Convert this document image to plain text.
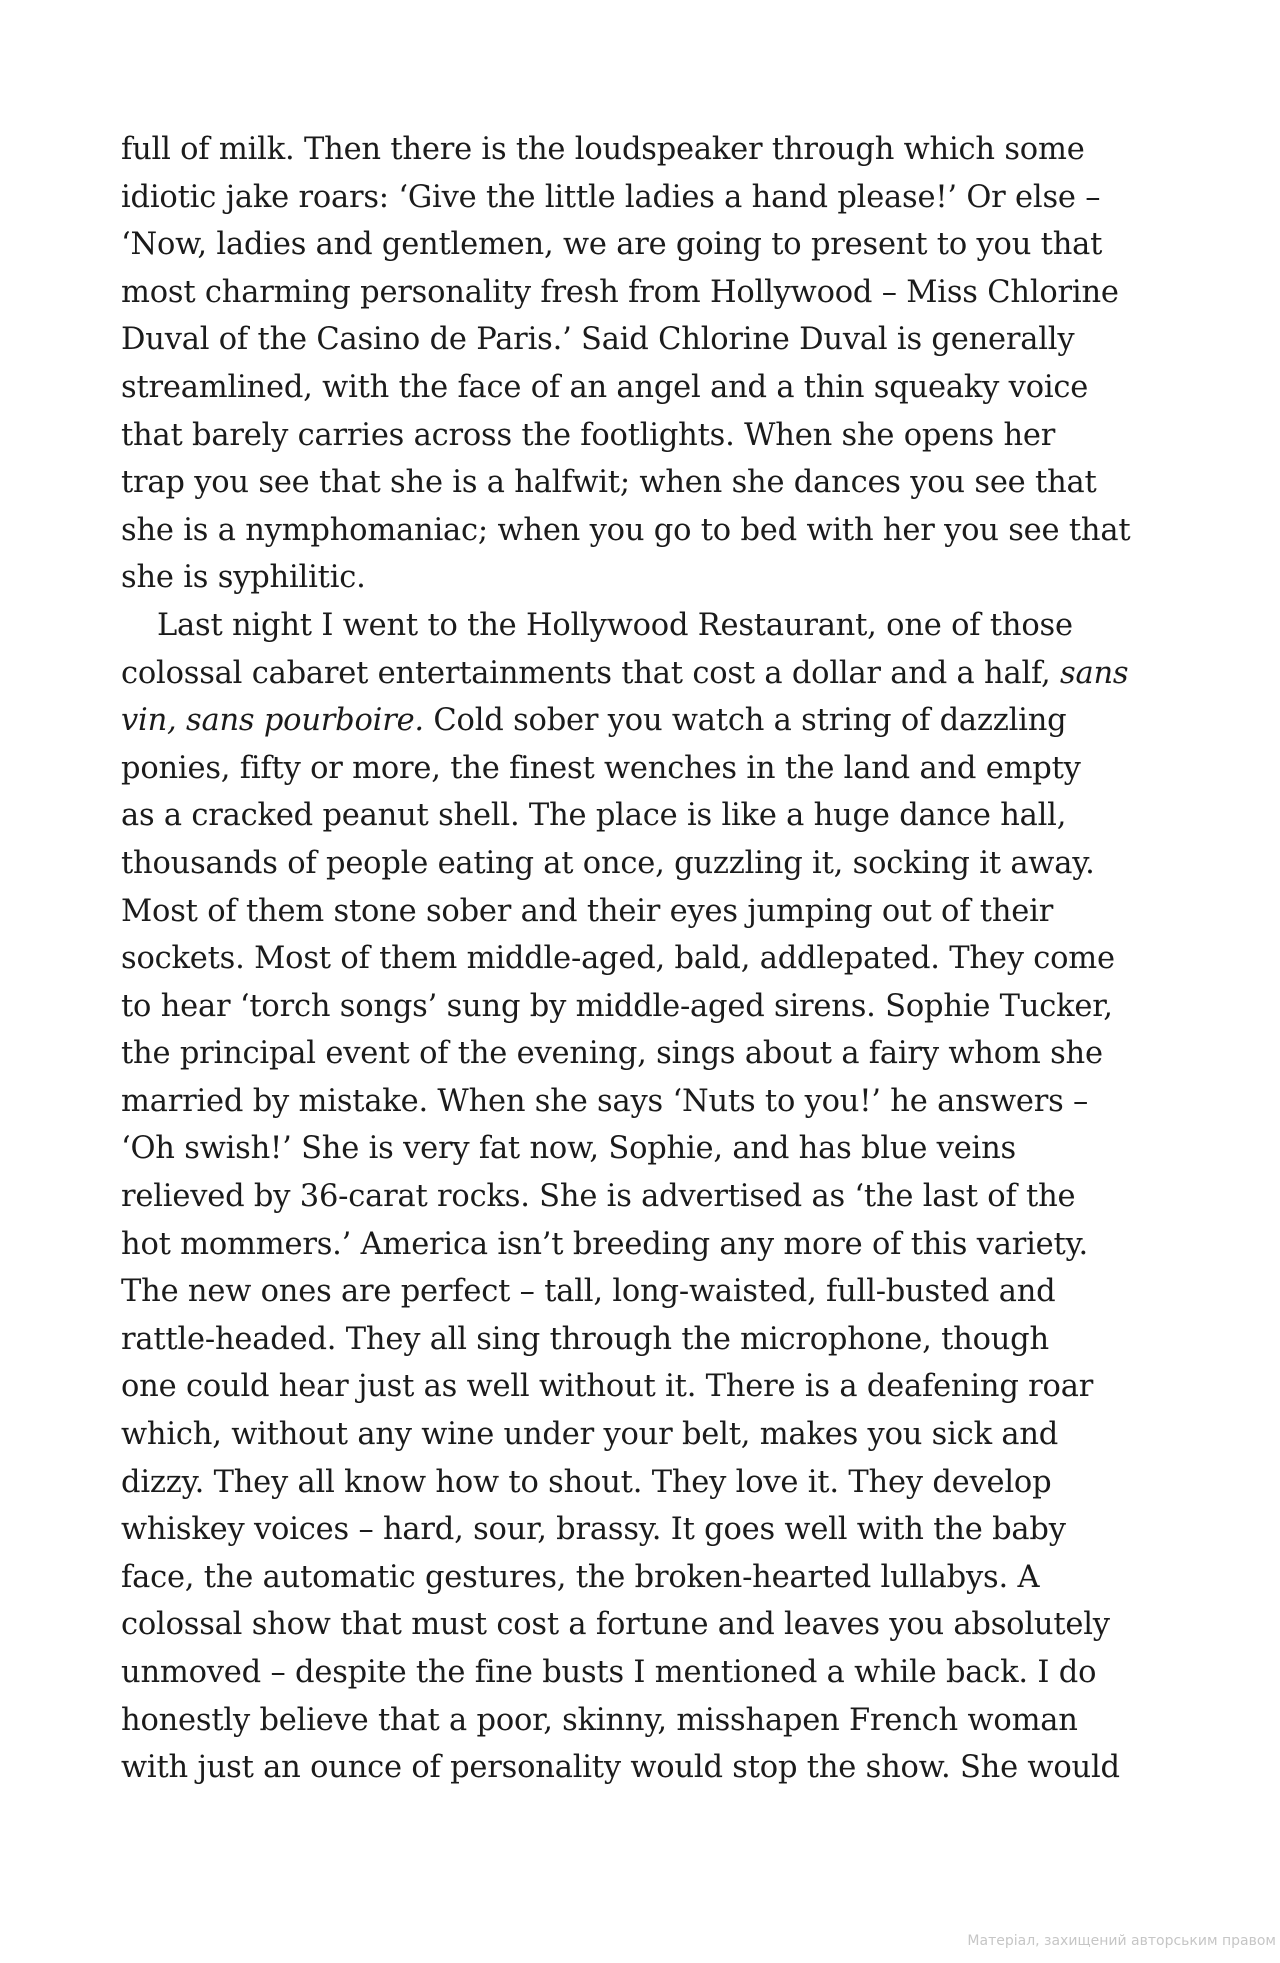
full of milk. Then there is the loudspeaker through which some
idiotic jake roars: ‘Give the little ladies a hand please!’ Or else –
‘Now, ladies and gentlemen, we are going to present to you that
most charming personality fresh from Hollywood – Miss Chlorine
Duval of the Casino de Paris.’ Said Chlorine Duval is generally
streamlined, with the face of an angel and a thin squeaky voice
that barely carries across the footlights. When she opens her
trap you see that she is a halfwit; when she dances you see that
she is a nymphomaniac; when you go to bed with her you see that
she is syphilitic.
Last night I went to the Hollywood Restaurant, one of those
colossal cabaret entertainments that cost a dollar and a half, sans
vin, sans pourboire. Cold sober you watch a string of dazzling
ponies, fifty or more, the finest wenches in the land and empty
as a cracked peanut shell. The place is like a huge dance hall,
thousands of people eating at once, guzzling it, socking it away.
Most of them stone sober and their eyes jumping out of their
sockets. Most of them middle-aged, bald, addlepated. They come
to hear ‘torch songs’ sung by middle-aged sirens. Sophie Tucker,
the principal event of the evening, sings about a fairy whom she
married by mistake. When she says ‘Nuts to you!’ he answers –
‘Oh swish!’ She is very fat now, Sophie, and has blue veins
relieved by 36-carat rocks. She is advertised as ‘the last of the
hot mommers.’ America isn’t breeding any more of this variety.
The new ones are perfect – tall, long-waisted, full-busted and
rattle-headed. They all sing through the microphone, though
one could hear just as well without it. There is a deafening roar
which, without any wine under your belt, makes you sick and
dizzy. They all know how to shout. They love it. They develop
whiskey voices – hard, sour, brassy. It goes well with the baby
face, the automatic gestures, the broken-hearted lullabys. A
colossal show that must cost a fortune and leaves you absolutely
unmoved – despite the fine busts I mentioned a while back. I do
honestly believe that a poor, skinny, misshapen French woman
with just an ounce of personality would stop the show. She would
Матеріал, захищений авторським правом
